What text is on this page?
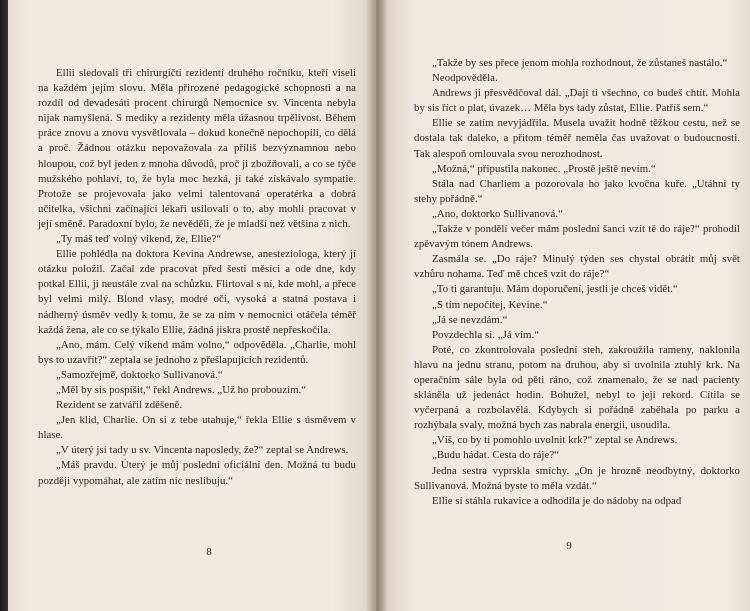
Ellii sledovali tři chirurgičtí rezidenti druhého ročníku, kteří viseli na každém jejím slovu. Měla přirozené pedagogické schopnosti a na rozdíl od devadesáti procent chirurgů Nemocnice sv. Vincenta nebyla nijak namyšlená. S mediky a rezidenty měla úžasnou trpělivost. Během práce znovu a znovu vysvětlovala – dokud konečně nepochopili, co dělá a proč. Žádnou otázku nepovažovala za příliš bezvýznamnou nebo hloupou, což byl jeden z mnoha důvodů, proč ji zbožňovali, a co se týče mužského pohlaví, to, že byla moc hezká, jí také získávalo sympatie. Protože se projevovala jako velmi talentovaná operatérka a dobrá učitelka, všichni začínající lékaři usilovali o to, aby mohli pracovat v její směně. Paradoxní bylo, že nevěděli, že je mladší než většina z nich.

„Ty máš teď volný víkend, že, Ellie?“

Ellie pohlédla na doktora Kevina Andrewse, anesteziologa, který jí otázku položil. Začal zde pracovat před šesti měsíci a ode dne, kdy potkal Ellii, ji neustále zval na schůzku. Flirtoval s ní, kde mohl, a přece byl velmi milý. Blond vlasy, modré oči, vysoká a statná postava i nádherný úsměv vedly k tomu, že se za ním v nemocnici otáčela téměř každá žena, ale co se týkalo Ellie, žádná jiskra prostě nepřeskočila.

„Ano, mám. Celý víkend mám volno,“ odpověděla. „Charlie, mohl bys to uzavřít?“ zeptala se jednoho z přešlapujících rezidentů.

„Samozřejmě, doktorko Sullivanová.“

„Měl by sis pospíšit,“ řekl Andrews. „Už ho probouzím.“

Rezident se zatvářil zděšeně.

„Jen klid, Charlie. On si z tebe utahuje,“ řekla Ellie s úsměvem v hlase.

„V úterý jsi tady u sv. Vincenta naposledy, že?“ zeptal se Andrews.

„Máš pravdu. Úterý je můj poslední oficiální den. Možná tu budu později vypomáhat, ale zatím nic neslibuju.“

8

„Takže by ses přece jenom mohla rozhodnout, že zůstaneš nastálo.“

Neodpověděla.

Andrews ji přesvědčoval dál. „Dají ti všechno, co budeš chtít. Mohla by sis říct o plat, úvazek… Měla bys tady zůstat, Ellie. Patříš sem.“

Ellie se zatím nevyjádřila. Musela uvažit hodně těžkou cestu, než se dostala tak daleko, a přitom téměř neměla čas uvažovat o budoucnosti. Tak alespoň omlouvala svou nerozhodnost.

„Možná,“ připustila nakonec. „Prostě ještě nevím.“

Stála nad Charliem a pozorovala ho jako kvočna kuře. „Utáhni ty stehy pořádně.“

„Ano, doktorko Sullivanová.“

„Takže v pondělí večer mám poslední šanci vzít tě do ráje?“ prohodil zpěvavým tónem Andrews.

Zasmála se. „Do ráje? Minulý týden ses chystal obrátit můj svět vzhůru nohama. Teď mě chceš vzít do ráje?“

„To ti garantuju. Mám doporučení, jestli je chceš vidět.“

„S tím nepočítej, Kevine.“

„Já se nevzdám.“

Povzdechla si. „Já vím.“

Poté, co zkontrolovala poslední steh, zakroužila rameny, naklonila hlavu na jednu stranu, potom na druhou, aby si uvolnila ztuhlý krk. Na operačním sále byla od pěti ráno, což znamenalo, že se nad pacienty skláněla už jedenáct hodin. Bohužel, nebyl to její rekord. Cítila se vyčerpaná a rozbolavělá. Kdybych si pořádně zaběhala po parku a rozhýbala svaly, možná bych zas nabrala energii, usoudila.

„Víš, co by ti pomohlo uvolnit krk?“ zeptal se Andrews.

„Budu hádat. Cesta do ráje?“

Jedna sestra vyprskla smíchy. „On je hrozně neodbytný, doktorko Sullivanová. Možná byste to měla vzdát.“

Ellie si stáhla rukavice a odhodila je do nádoby na odpad

9
